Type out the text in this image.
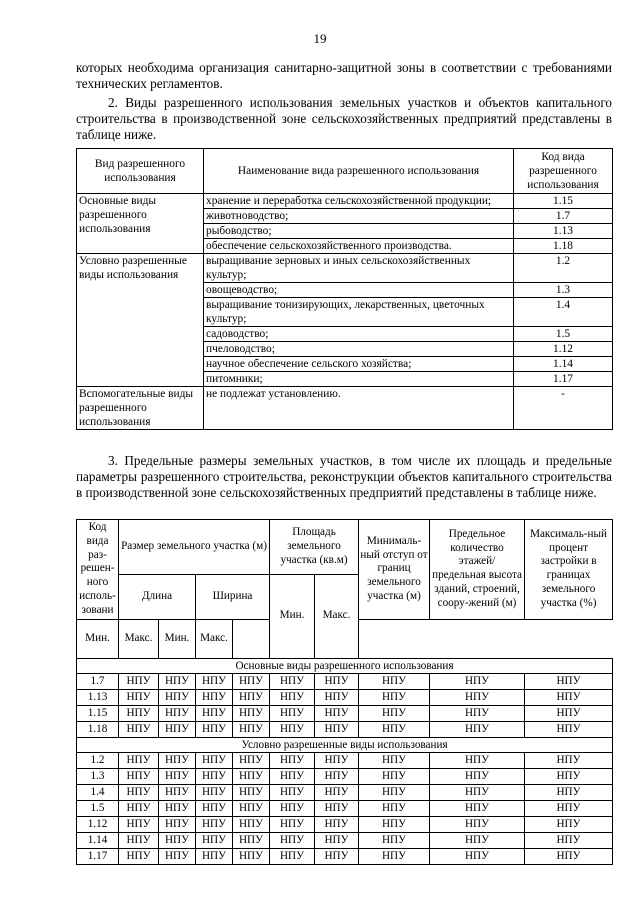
19

которых необходима организация санитарно-защитной зоны в соответствии с требованиями технических регламентов.

2. Виды разрешенного использования земельных участков и объектов капитального строительства в производственной зоне сельскохозяйственных предприятий представлены в таблице ниже.

Вид разрешенного использования	Наименование вида разрешенного использования	Код вида разрешенного использования
Основные виды разрешенного использования	хранение и переработка сельскохозяйственной продукции;	1.15
	животноводство;	1.7
	рыбоводство;	1.13
	обеспечение сельскохозяйственного производства.	1.18
Условно разрешенные виды использования	выращивание зерновых и иных сельскохозяйственных культур;	1.2
	овощеводство;	1.3
	выращивание тонизирующих, лекарственных, цветочных культур;	1.4
	садоводство;	1.5
	пчеловодство;	1.12
	научное обеспечение сельского хозяйства;	1.14
	питомники;	1.17
Вспомогательные виды разрешенного использования	не подлежат установлению.	-

3. Предельные размеры земельных участков, в том числе их площадь и предельные параметры разрешенного строительства, реконструкции объектов капитального строительства в производственной зоне сельскохозяйственных предприятий представлены в таблице ниже.

Код вида раз-решен-ного исполь-зовани	Размер земельного участка (м)				Площадь земельного участка (кв.м)		Минималь-ный отступ от границ земельного участка (м)	Предельное количество этажей/ предельная высота зданий, строений, соору-жений (м)	Максималь-ный процент застройки в границах земельного участка (%)

	Длина		Ширина		Мин.	Макс.			
Мин.	Макс.	Мин.	Макс.						
Основные виды разрешенного использования									
1.7	НПУ	НПУ	НПУ	НПУ	НПУ	НПУ	НПУ	НПУ	НПУ
1.13	НПУ	НПУ	НПУ	НПУ	НПУ	НПУ	НПУ	НПУ	НПУ
1.15	НПУ	НПУ	НПУ	НПУ	НПУ	НПУ	НПУ	НПУ	НПУ
1.18	НПУ	НПУ	НПУ	НПУ	НПУ	НПУ	НПУ	НПУ	НПУ
Условно разрешенные виды использования									
1.2	НПУ	НПУ	НПУ	НПУ	НПУ	НПУ	НПУ	НПУ	НПУ
1.3	НПУ	НПУ	НПУ	НПУ	НПУ	НПУ	НПУ	НПУ	НПУ
1.4	НПУ	НПУ	НПУ	НПУ	НПУ	НПУ	НПУ	НПУ	НПУ
1.5	НПУ	НПУ	НПУ	НПУ	НПУ	НПУ	НПУ	НПУ	НПУ
1.12	НПУ	НПУ	НПУ	НПУ	НПУ	НПУ	НПУ	НПУ	НПУ
1.14	НПУ	НПУ	НПУ	НПУ	НПУ	НПУ	НПУ	НПУ	НПУ
1.17	НПУ	НПУ	НПУ	НПУ	НПУ	НПУ	НПУ	НПУ	НПУ
